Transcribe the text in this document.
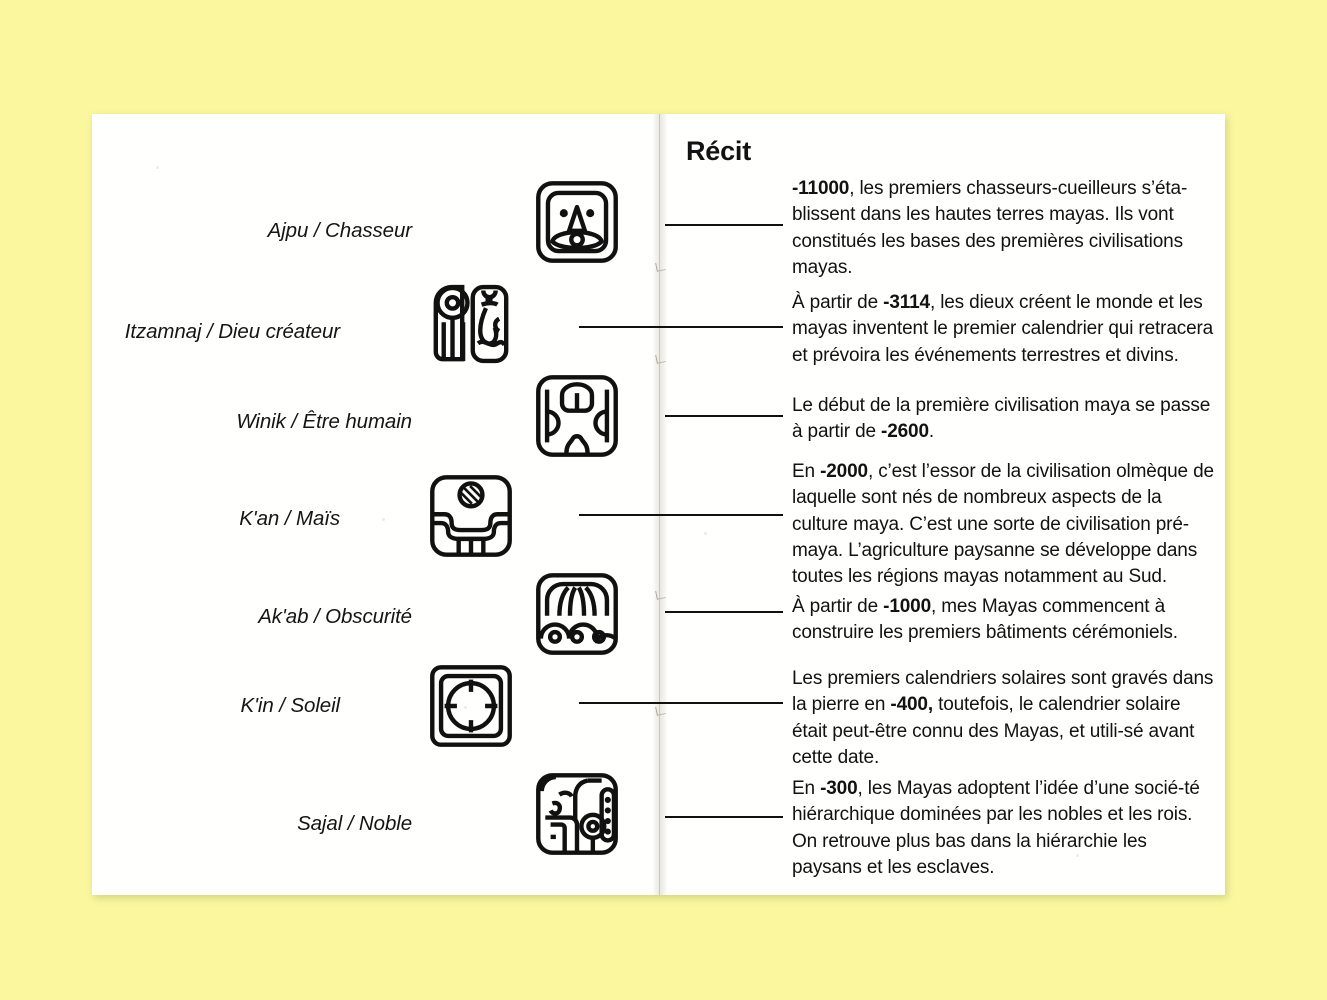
Récit
Ajpu / Chasseur
-11000, les premiers chasseurs-cueilleurs s’éta-blissent dans les hautes terres mayas. Ils vont constitués les bases des premières civilisations mayas.
Itzamnaj / Dieu créateur
À partir de -3114, les dieux créent le monde et les mayas inventent le premier calendrier qui retracera et prévoira les événements terrestres et divins.
Winik / Être humain
Le début de la première civilisation maya se passe à partir de -2600.
K'an / Maïs
En -2000, c’est l’essor de la civilisation olmèque de laquelle sont nés de nombreux aspects de la culture maya. C’est une sorte de civilisation pré-maya. L’agriculture paysanne se développe dans toutes les régions mayas notamment au Sud.
Ak'ab / Obscurité	À partir de -1000, mes Mayas commencent à construire les premiers bâtiments cérémoniels.
K'in / Soleil
Les premiers calendriers solaires sont gravés dans la pierre en -400, toutefois, le calendrier solaire était peut-être connu des Mayas, et utili-sé avant cette date.
Sajal / Noble
En -300, les Mayas adoptent l’idée d’une socié-té hiérarchique dominées par les nobles et les rois. On retrouve plus bas dans la hiérarchie les paysans et les esclaves.
